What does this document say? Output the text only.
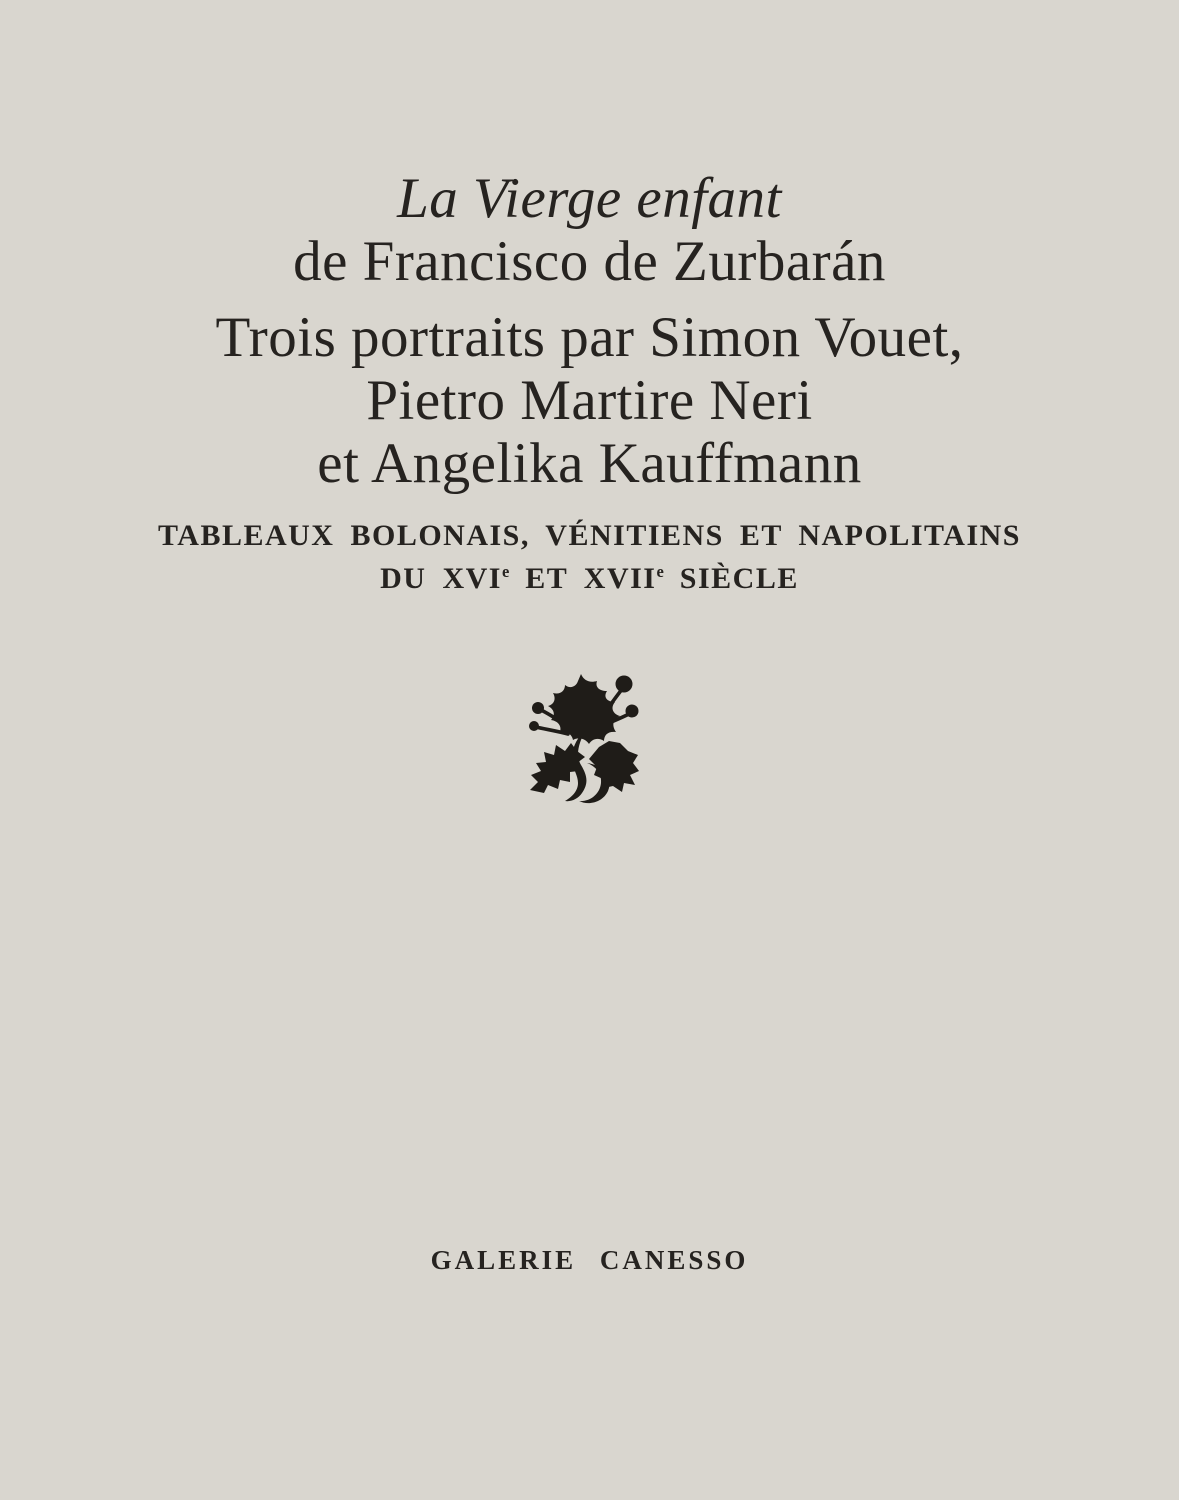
La Vierge enfant
de Francisco de Zurbarán
Trois portraits par Simon Vouet,
Pietro Martire Neri
et Angelika Kauffmann
TABLEAUX BOLONAIS, VÉNITIENS ET NAPOLITAINS
DU XVIe ET XVIIe SIÈCLE
GALERIE CANESSO
